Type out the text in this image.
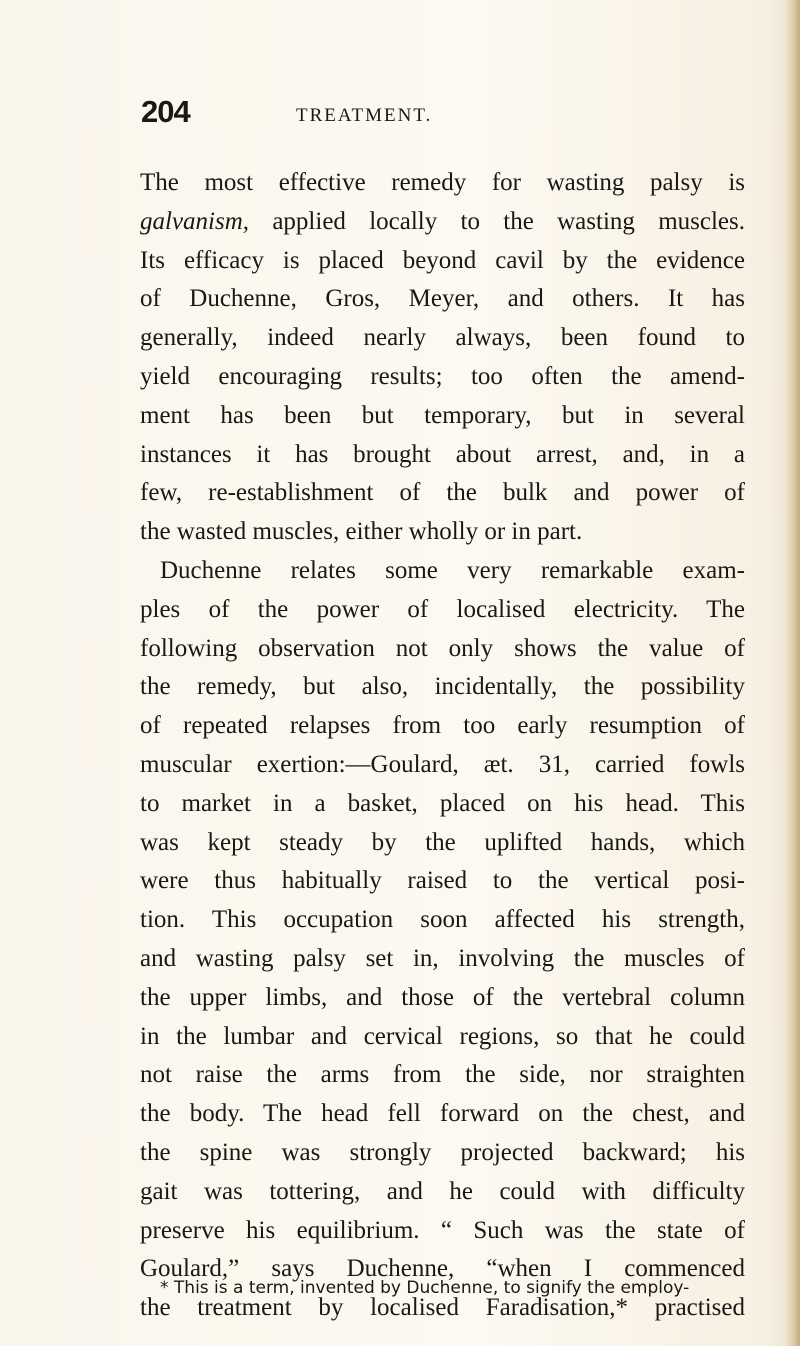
204	TREATMENT.
The most effective remedy for wasting palsy is
galvanism, applied locally to the wasting muscles.
Its efficacy is placed beyond cavil by the evidence
of Duchenne, Gros, Meyer, and others. It has
generally, indeed nearly always, been found to
yield encouraging results; too often the amend-
ment has been but temporary, but in several
instances it has brought about arrest, and, in a
few, re-establishment of the bulk and power of
the wasted muscles, either wholly or in part.
Duchenne relates some very remarkable exam-
ples of the power of localised electricity. The
following observation not only shows the value of
the remedy, but also, incidentally, the possibility
of repeated relapses from too early resumption of
muscular exertion:—Goulard, æt. 31, carried fowls
to market in a basket, placed on his head. This
was kept steady by the uplifted hands, which
were thus habitually raised to the vertical posi-
tion. This occupation soon affected his strength,
and wasting palsy set in, involving the muscles of
the upper limbs, and those of the vertebral column
in the lumbar and cervical regions, so that he could
not raise the arms from the side, nor straighten
the body. The head fell forward on the chest, and
the spine was strongly projected backward; his
gait was tottering, and he could with difficulty
preserve his equilibrium. “ Such was the state of
Goulard,” says Duchenne, “when I commenced
the treatment by localised Faradisation,* practised
* This is a term, invented by Duchenne, to signify the employ-
